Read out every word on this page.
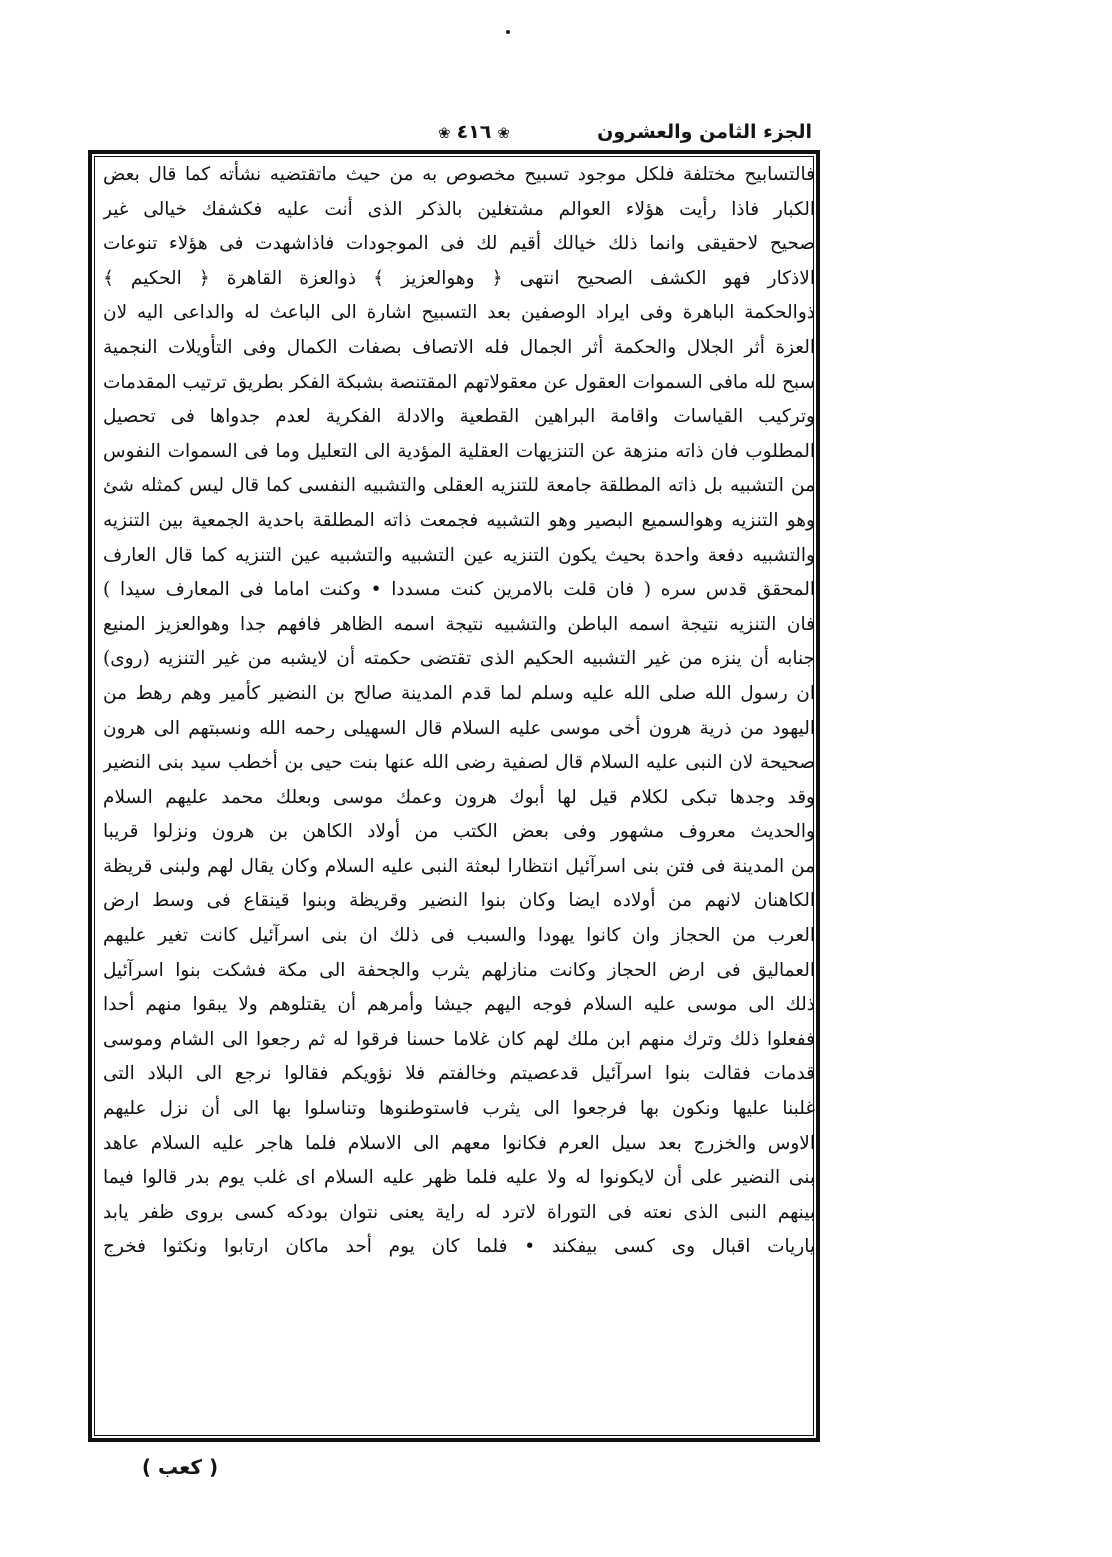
الجزء الثامن والعشرون
❀٤١٦❀
فالتسابيح مختلفة فلكل موجود تسبيح مخصوص به من حيث ماتقتضيه نشأته كما قال بعض
الكبار فاذا رأيت هؤلاء العوالم مشتغلين بالذكر الذى أنت عليه فكشفك خيالى غير
صحيح لاحقيقى وانما ذلك خيالك أقيم لك فى الموجودات فاذاشهدت فى هؤلاء تنوعات
الاذكار فهو الكشف الصحيح انتهى ﴿ وهوالعزيز ﴾ ذوالعزة القاهرة ﴿ الحكيم ﴾
ذوالحكمة الباهرة وفى ايراد الوصفين بعد التسبيح اشارة الى الباعث له والداعى اليه لان
العزة أثر الجلال والحكمة أثر الجمال فله الاتصاف بصفات الكمال وفى التأويلات النجمية
سبح لله مافى السموات العقول عن معقولاتهم المقتنصة بشبكة الفكر بطريق ترتيب المقدمات
وتركيب القياسات واقامة البراهين القطعية والادلة الفكرية لعدم جدواها فى تحصيل
المطلوب فان ذاته منزهة عن التنزيهات العقلية المؤدية الى التعليل وما فى السموات النفوس
من التشبيه بل ذاته المطلقة جامعة للتنزيه العقلى والتشبيه النفسى كما قال ليس كمثله شئ
وهو التنزيه وهوالسميع البصير وهو التشبيه فجمعت ذاته المطلقة باحدية الجمعية بين التنزيه
والتشبيه دفعة واحدة بحيث يكون التنزيه عين التشبيه والتشبيه عين التنزيه كما قال العارف
المحقق قدس سره ( فان قلت بالامرين كنت مسددا • وكنت اماما فى المعارف سيدا )
فان التنزيه نتيجة اسمه الباطن والتشبيه نتيجة اسمه الظاهر فافهم جدا وهوالعزيز المنيع
جنابه أن ينزه من غير التشبيه الحكيم الذى تقتضى حكمته أن لايشبه من غير التنزيه (روى)
ان رسول الله صلى الله عليه وسلم لما قدم المدينة صالح بن النضير كأمير وهم رهط من
اليهود من ذرية هرون أخى موسى عليه السلام قال السهيلى رحمه الله ونسبتهم الى هرون
صحيحة لان النبى عليه السلام قال لصفية رضى الله عنها بنت حيى بن أخطب سيد بنى النضير
وقد وجدها تبكى لكلام قيل لها أبوك هرون وعمك موسى وبعلك محمد عليهم السلام
والحديث معروف مشهور وفى بعض الكتب من أولاد الكاهن بن هرون ونزلوا قريبا
من المدينة فى فتن بنى اسرآئيل انتظارا لبعثة النبى عليه السلام وكان يقال لهم ولبنى قريظة
الكاهنان لانهم من أولاده ايضا وكان بنوا النضير وقريظة وبنوا قينقاع فى وسط ارض
العرب من الحجاز وان كانوا يهودا والسبب فى ذلك ان بنى اسرآئيل كانت تغير عليهم
العماليق فى ارض الحجاز وكانت منازلهم يثرب والجحفة الى مكة فشكت بنوا اسرآئيل
ذلك الى موسى عليه السلام فوجه اليهم جيشا وأمرهم أن يقتلوهم ولا يبقوا منهم أحدا
ففعلوا ذلك وترك منهم ابن ملك لهم كان غلاما حسنا فرقوا له ثم رجعوا الى الشام وموسى
قدمات فقالت بنوا اسرآئيل قدعصيتم وخالفتم فلا نؤويكم فقالوا نرجع الى البلاد التى
غلبنا عليها ونكون بها فرجعوا الى يثرب فاستوطنوها وتناسلوا بها الى أن نزل عليهم
الاوس والخزرج بعد سيل العرم فكانوا معهم الى الاسلام فلما هاجر عليه السلام عاهد
بنى النضير على أن لايكونوا له ولا عليه فلما ظهر عليه السلام اى غلب يوم بدر قالوا فيما
بينهم النبى الذى نعته فى التوراة لاترد له راية يعنى نتوان بودكه كسى بروى ظفر يابد
ياريات اقبال وى كسى بيفكند • فلما كان يوم أحد ماكان ارتابوا ونكثوا فخرج
( كعب )
